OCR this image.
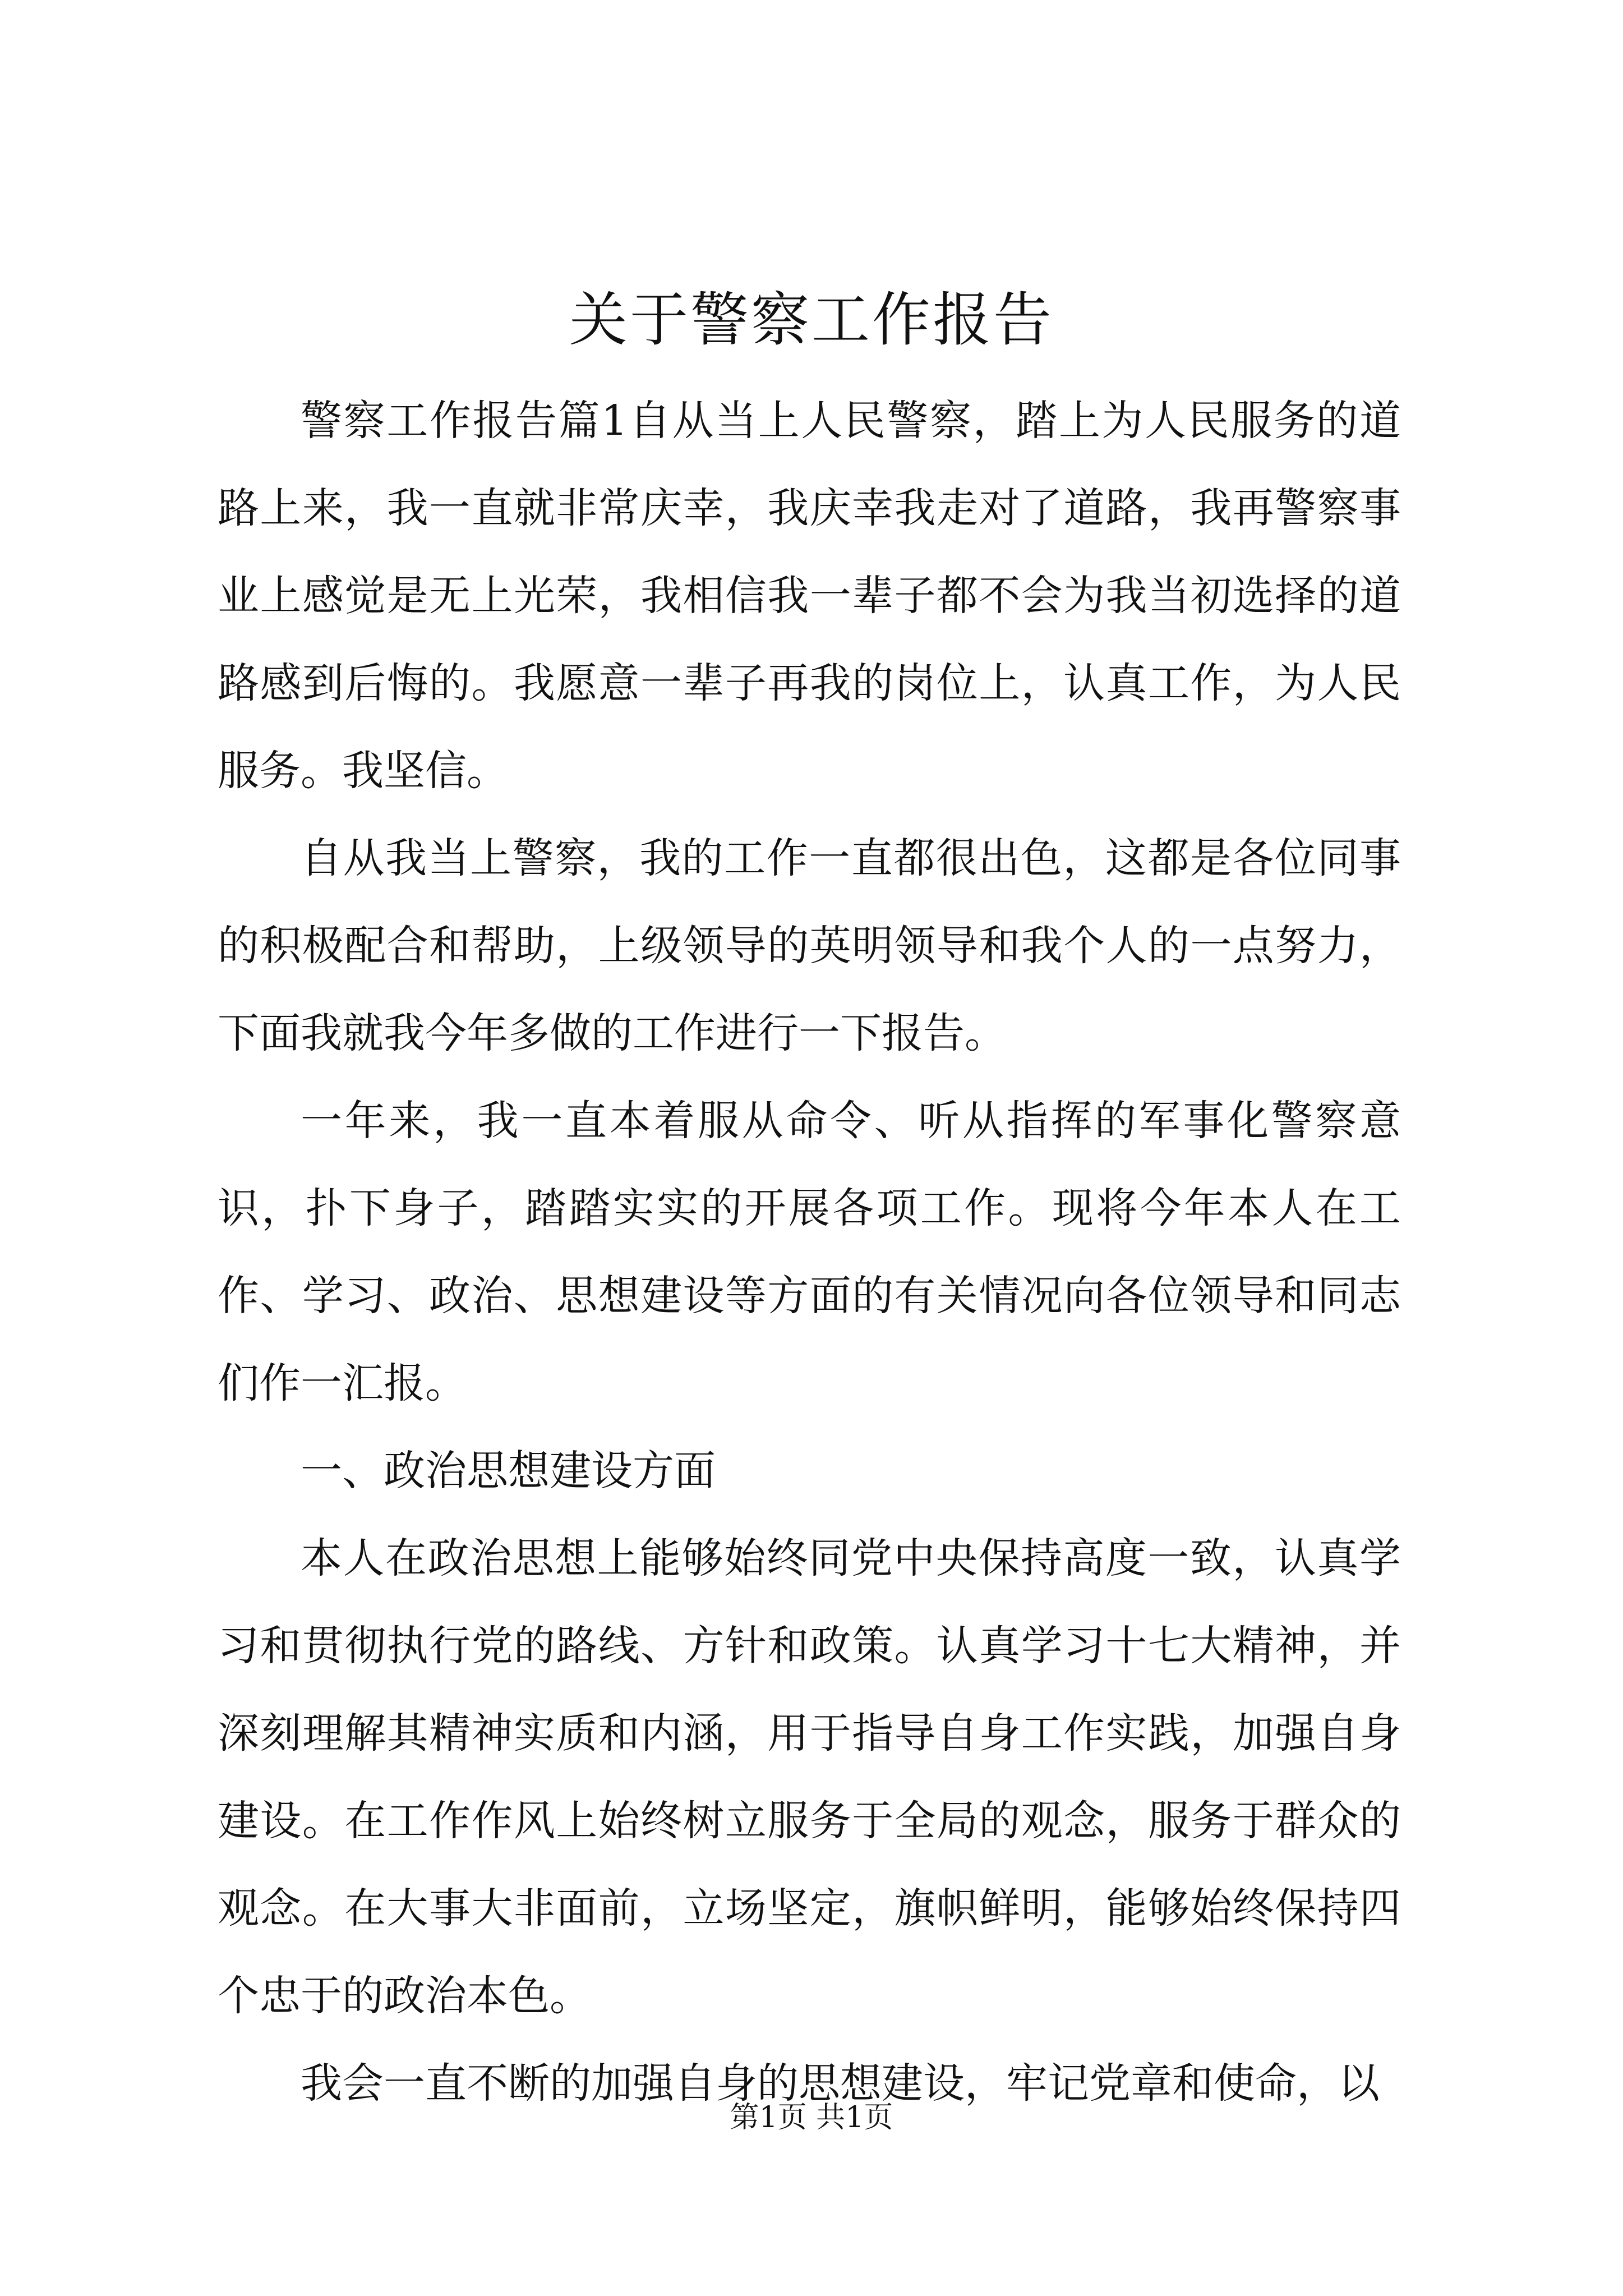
关于警察工作报告

警察工作报告篇1自从当上人民警察，踏上为人民服务的道路上来，我一直就非常庆幸，我庆幸我走对了道路，我再警察事业上感觉是无上光荣，我相信我一辈子都不会为我当初选择的道路感到后悔的。我愿意一辈子再我的岗位上，认真工作，为人民服务。我坚信。

自从我当上警察，我的工作一直都很出色，这都是各位同事的积极配合和帮助，上级领导的英明领导和我个人的一点努力，下面我就我今年多做的工作进行一下报告。

一年来，我一直本着服从命令、听从指挥的军事化警察意识，扑下身子，踏踏实实的开展各项工作。现将今年本人在工作、学习、政治、思想建设等方面的有关情况向各位领导和同志们作一汇报。

一、政治思想建设方面

本人在政治思想上能够始终同党中央保持高度一致，认真学习和贯彻执行党的路线、方针和政策。认真学习十七大精神，并深刻理解其精神实质和内涵，用于指导自身工作实践，加强自身建设。在工作作风上始终树立服务于全局的观念，服务于群众的观念。在大事大非面前，立场坚定，旗帜鲜明，能够始终保持四个忠于的政治本色。

我会一直不断的加强自身的思想建设，牢记党章和使命，以

第1页 共1页
